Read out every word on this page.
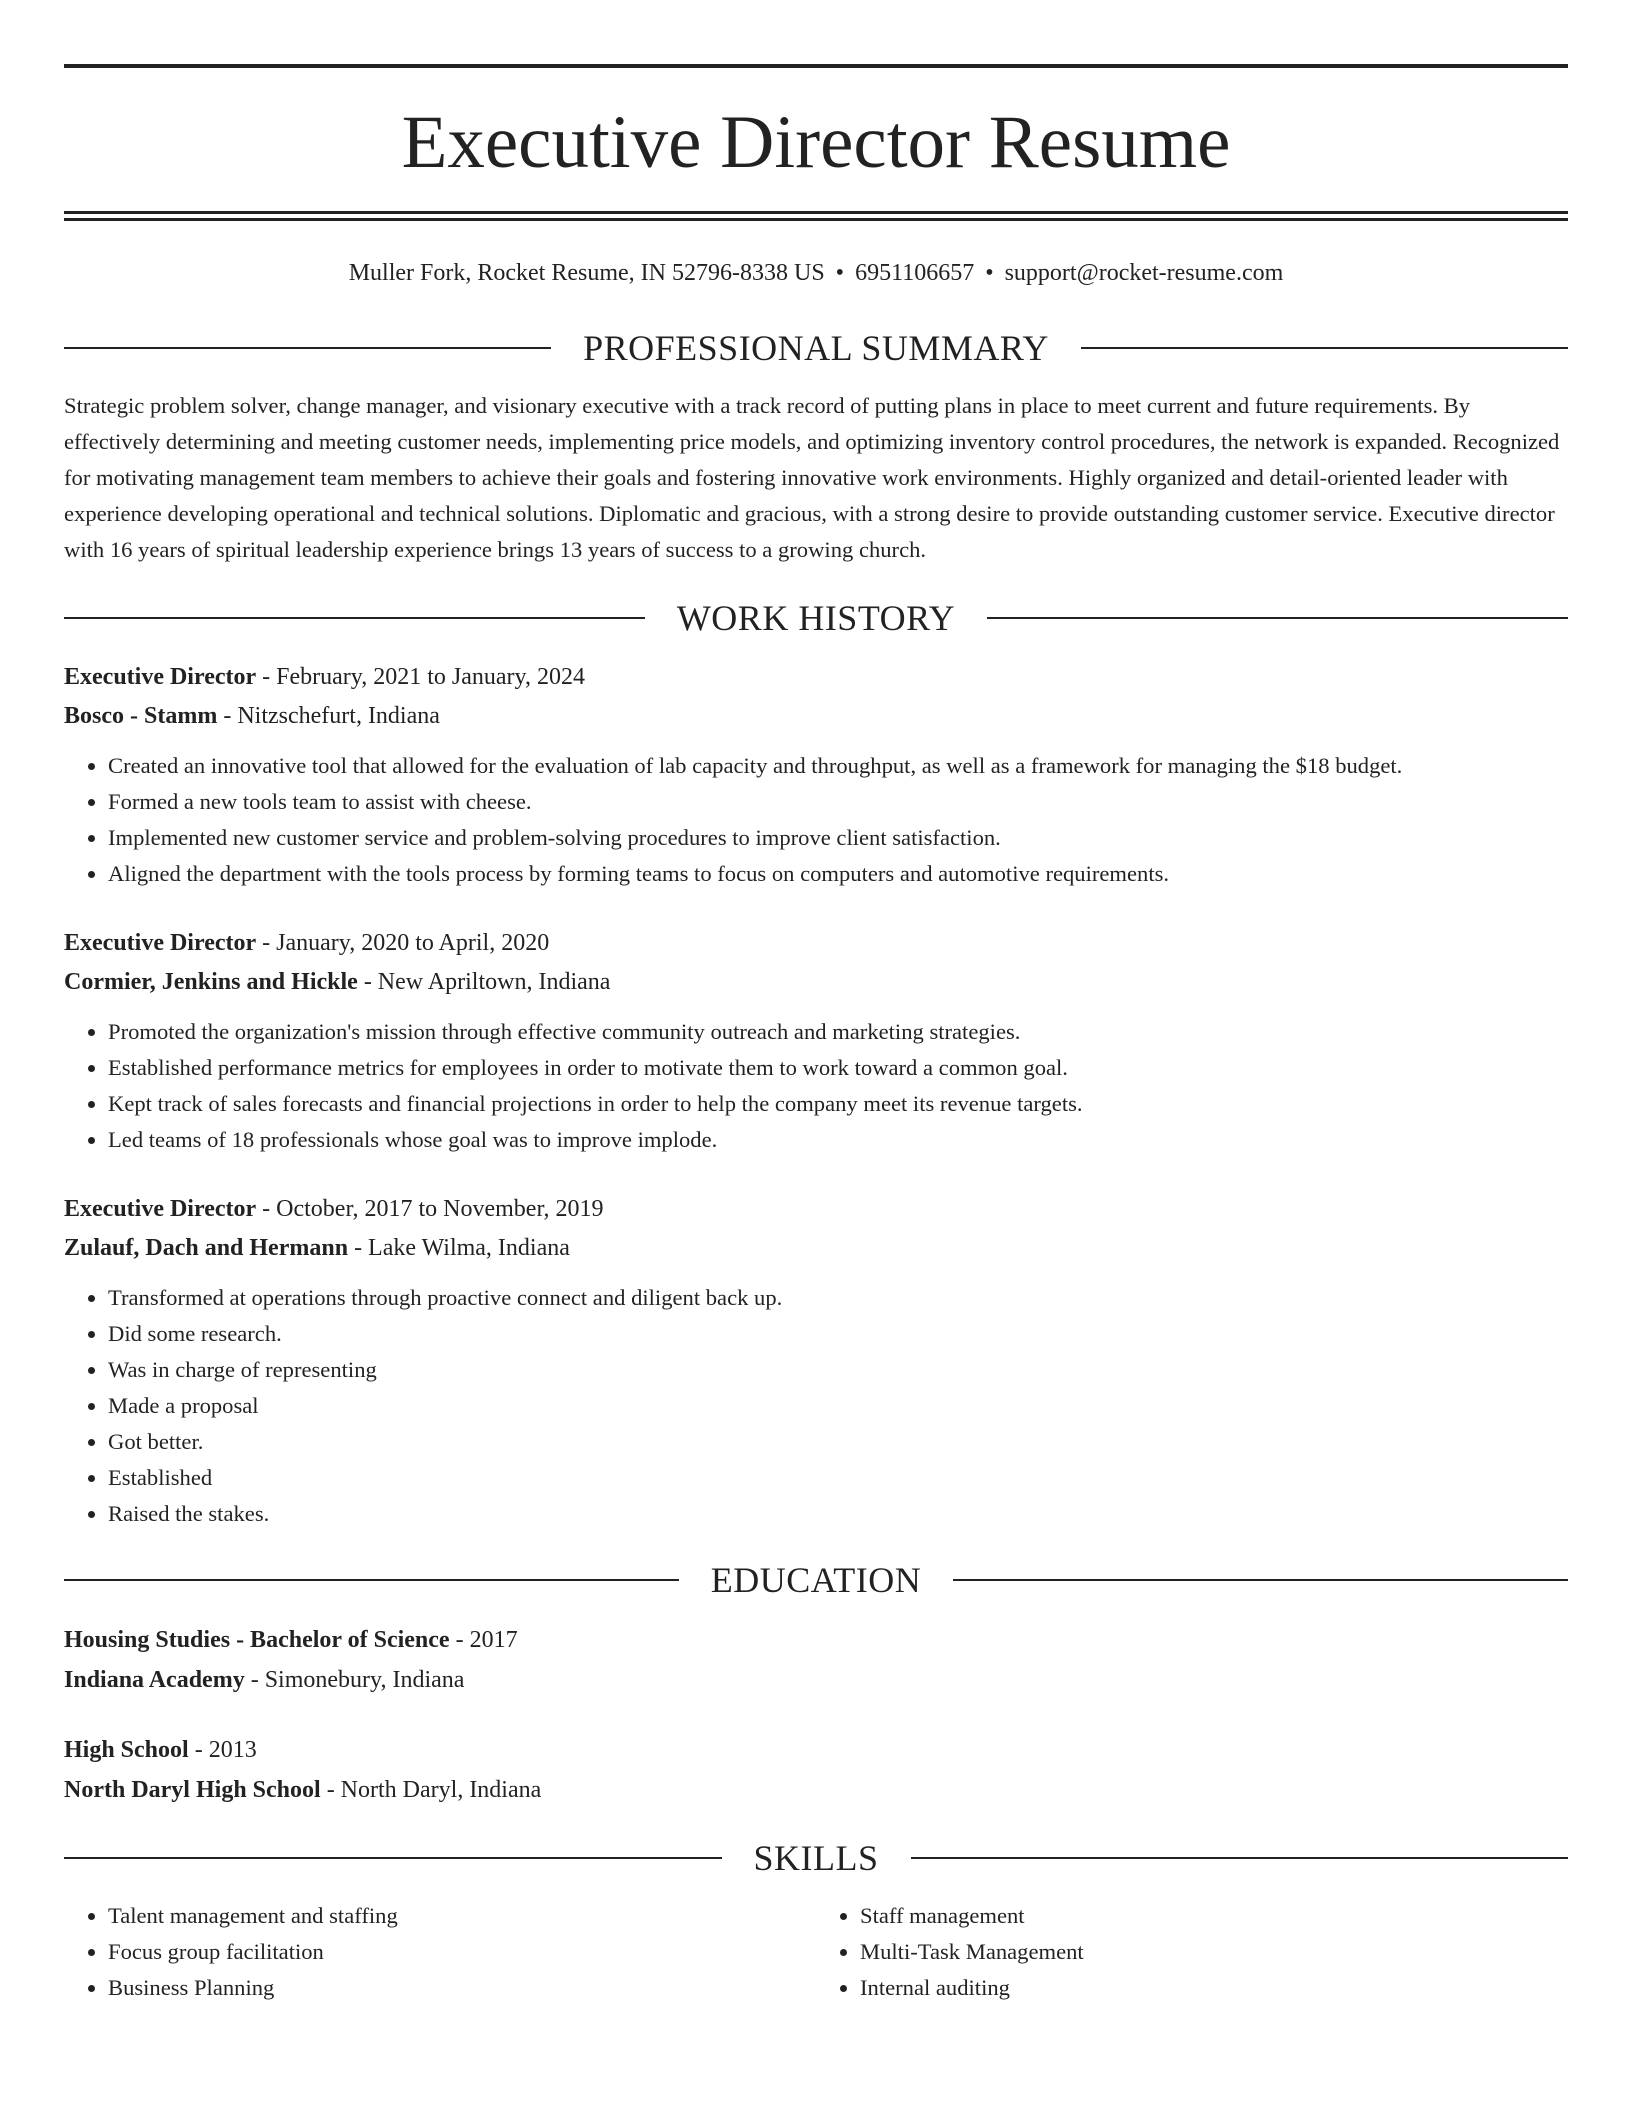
Executive Director Resume
Muller Fork, Rocket Resume, IN 52796-8338 US • 6951106657 • support@rocket-resume.com
PROFESSIONAL SUMMARY

Strategic problem solver, change manager, and visionary executive with a track record of putting plans in place to meet current and future requirements. By effectively determining and meeting customer needs, implementing price models, and optimizing inventory control procedures, the network is expanded. Recognized for motivating management team members to achieve their goals and fostering innovative work environments. Highly organized and detail-oriented leader with experience developing operational and technical solutions. Diplomatic and gracious, with a strong desire to provide outstanding customer service. Executive director with 16 years of spiritual leadership experience brings 13 years of success to a growing church.

WORK HISTORY
Executive Director - February, 2021 to January, 2024
Bosco - Stamm - Nitzschefurt, Indiana
• Created an innovative tool that allowed for the evaluation of lab capacity and throughput, as well as a framework for managing the $18 budget.
• Formed a new tools team to assist with cheese.
• Implemented new customer service and problem-solving procedures to improve client satisfaction.
• Aligned the department with the tools process by forming teams to focus on computers and automotive requirements.
Executive Director - January, 2020 to April, 2020
Cormier, Jenkins and Hickle - New Apriltown, Indiana
• Promoted the organization's mission through effective community outreach and marketing strategies.
• Established performance metrics for employees in order to motivate them to work toward a common goal.
• Kept track of sales forecasts and financial projections in order to help the company meet its revenue targets.
• Led teams of 18 professionals whose goal was to improve implode.
Executive Director - October, 2017 to November, 2019
Zulauf, Dach and Hermann - Lake Wilma, Indiana
• Transformed at operations through proactive connect and diligent back up.
• Did some research.
• Was in charge of representing
• Made a proposal
• Got better.
• Established
• Raised the stakes.
EDUCATION
Housing Studies - Bachelor of Science - 2017
Indiana Academy - Simonebury, Indiana
High School - 2013
North Daryl High School - North Daryl, Indiana
SKILLS
• Talent management and staffing
• Focus group facilitation
• Business Planning
• Staff management
• Multi-Task Management
• Internal auditing
